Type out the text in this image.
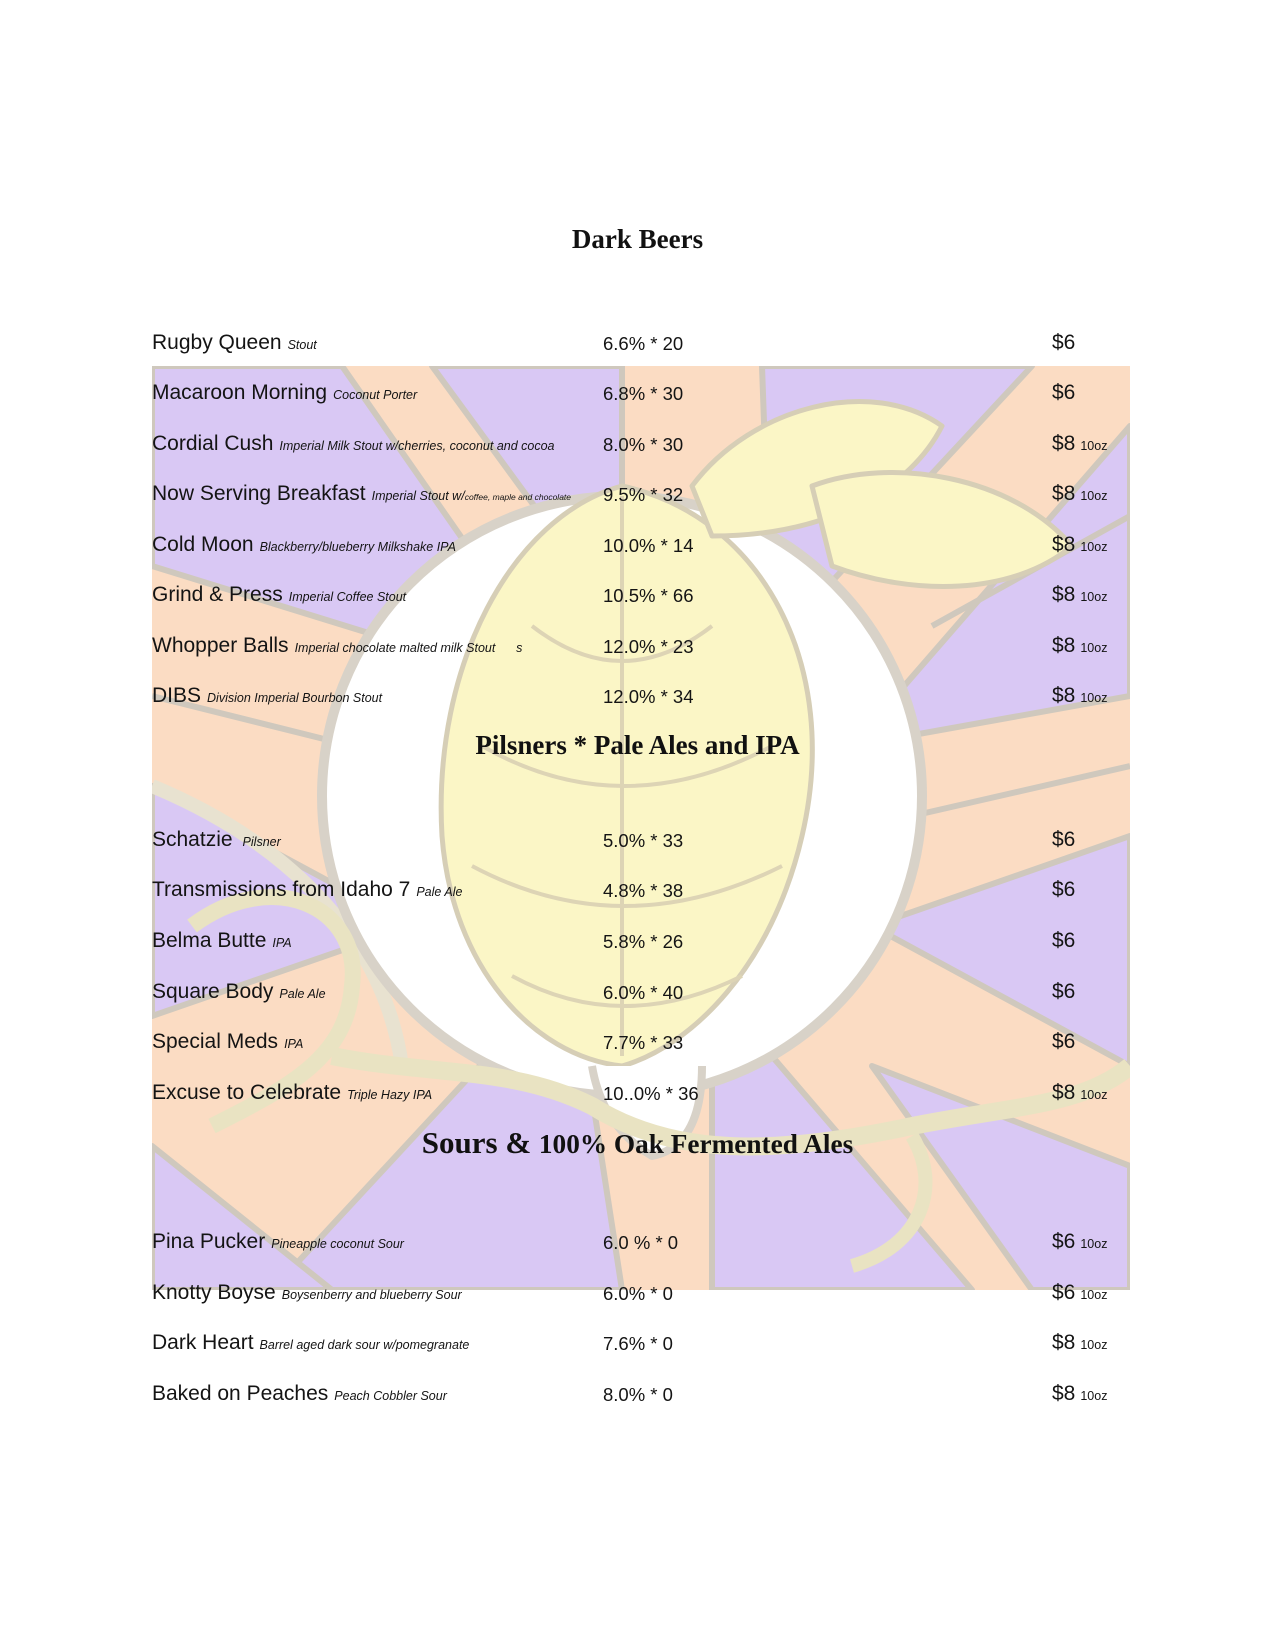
Dark Beers
Rugby Queen Stout	6.6% * 20	$6
Macaroon Morning Coconut Porter	6.8% * 30	$6
Cordial Cush Imperial Milk Stout w/cherries, coconut and cocoa	8.0% * 30	$8 10oz
Now Serving Breakfast Imperial Stout w/coffee, maple and chocolate 9.5% * 32	$8 10oz
Cold Moon Blackberry/blueberry Milkshake IPA	10.0% * 14	$8 10oz
Grind & Press Imperial Coffee Stout	10.5% * 66	$8 10oz
Whopper Balls Imperial chocolate malted milk Stout      s	12.0% * 23	$8 10oz
DIBS Division Imperial Bourbon Stout	12.0% * 34	$8 10oz
Pilsners * Pale Ales and IPA
Schatzie Pilsner	5.0% * 33	$6
Transmissions from Idaho 7 Pale Ale	4.8% * 38	$6
Belma Butte IPA	5.8% * 26	$6
Square Body Pale Ale	6.0% * 40	$6
Special Meds IPA	7.7% * 33	$6
Excuse to Celebrate Triple Hazy IPA	10..0% * 36	$8 10oz
Sours & 100% Oak Fermented Ales
Pina Pucker Pineapple coconut Sour	6.0 % * 0	$6 10oz
Knotty Boyse Boysenberry and blueberry Sour	6.0% * 0	$6 10oz
Dark Heart Barrel aged dark sour w/pomegranate	7.6% * 0	$8 10oz
Baked on Peaches Peach Cobbler Sour	8.0% * 0	$8 10oz
